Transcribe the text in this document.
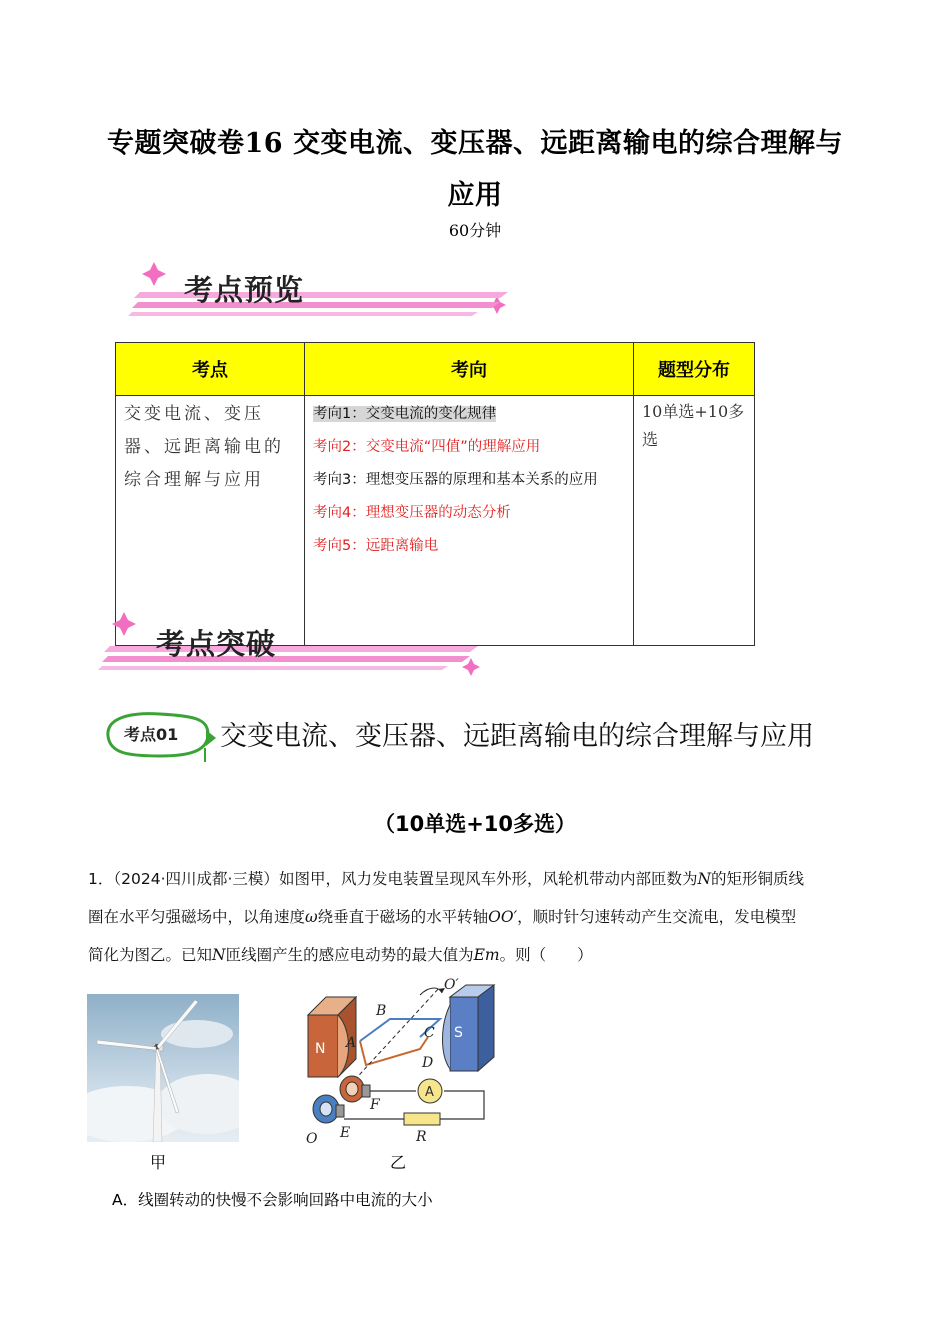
专题突破卷16 交变电流、变压器、远距离输电的综合理解与
应用
60分钟
考点预览
考点	考向	题型分布
交变电流、变压器、远距离输电的综合理解与应用	考向1：交变电流的变化规律
考向2：交变电流“四值”的理解应用
考向3：理想变压器的原理和基本关系的应用
考向4：理想变压器的动态分析
考向5：远距离输电	10单选+10多选
考点突破
考点01 交变电流、变压器、远距离输电的综合理解与应用
（10单选+10多选）
1．（2024·四川成都·三模）如图甲，风力发电装置呈现风车外形，风轮机带动内部匝数为N的矩形铜质线
圈在水平匀强磁场中，以角速度ω绕垂直于磁场的水平转轴OO′，顺时针匀速转动产生交流电，发电模型
简化为图乙。已知N匝线圈产生的感应电动势的最大值为Em。则（　　）
甲
N
S
A
B
A
C
D
O′
F
E
O	R
乙
A．线圈转动的快慢不会影响回路中电流的大小
